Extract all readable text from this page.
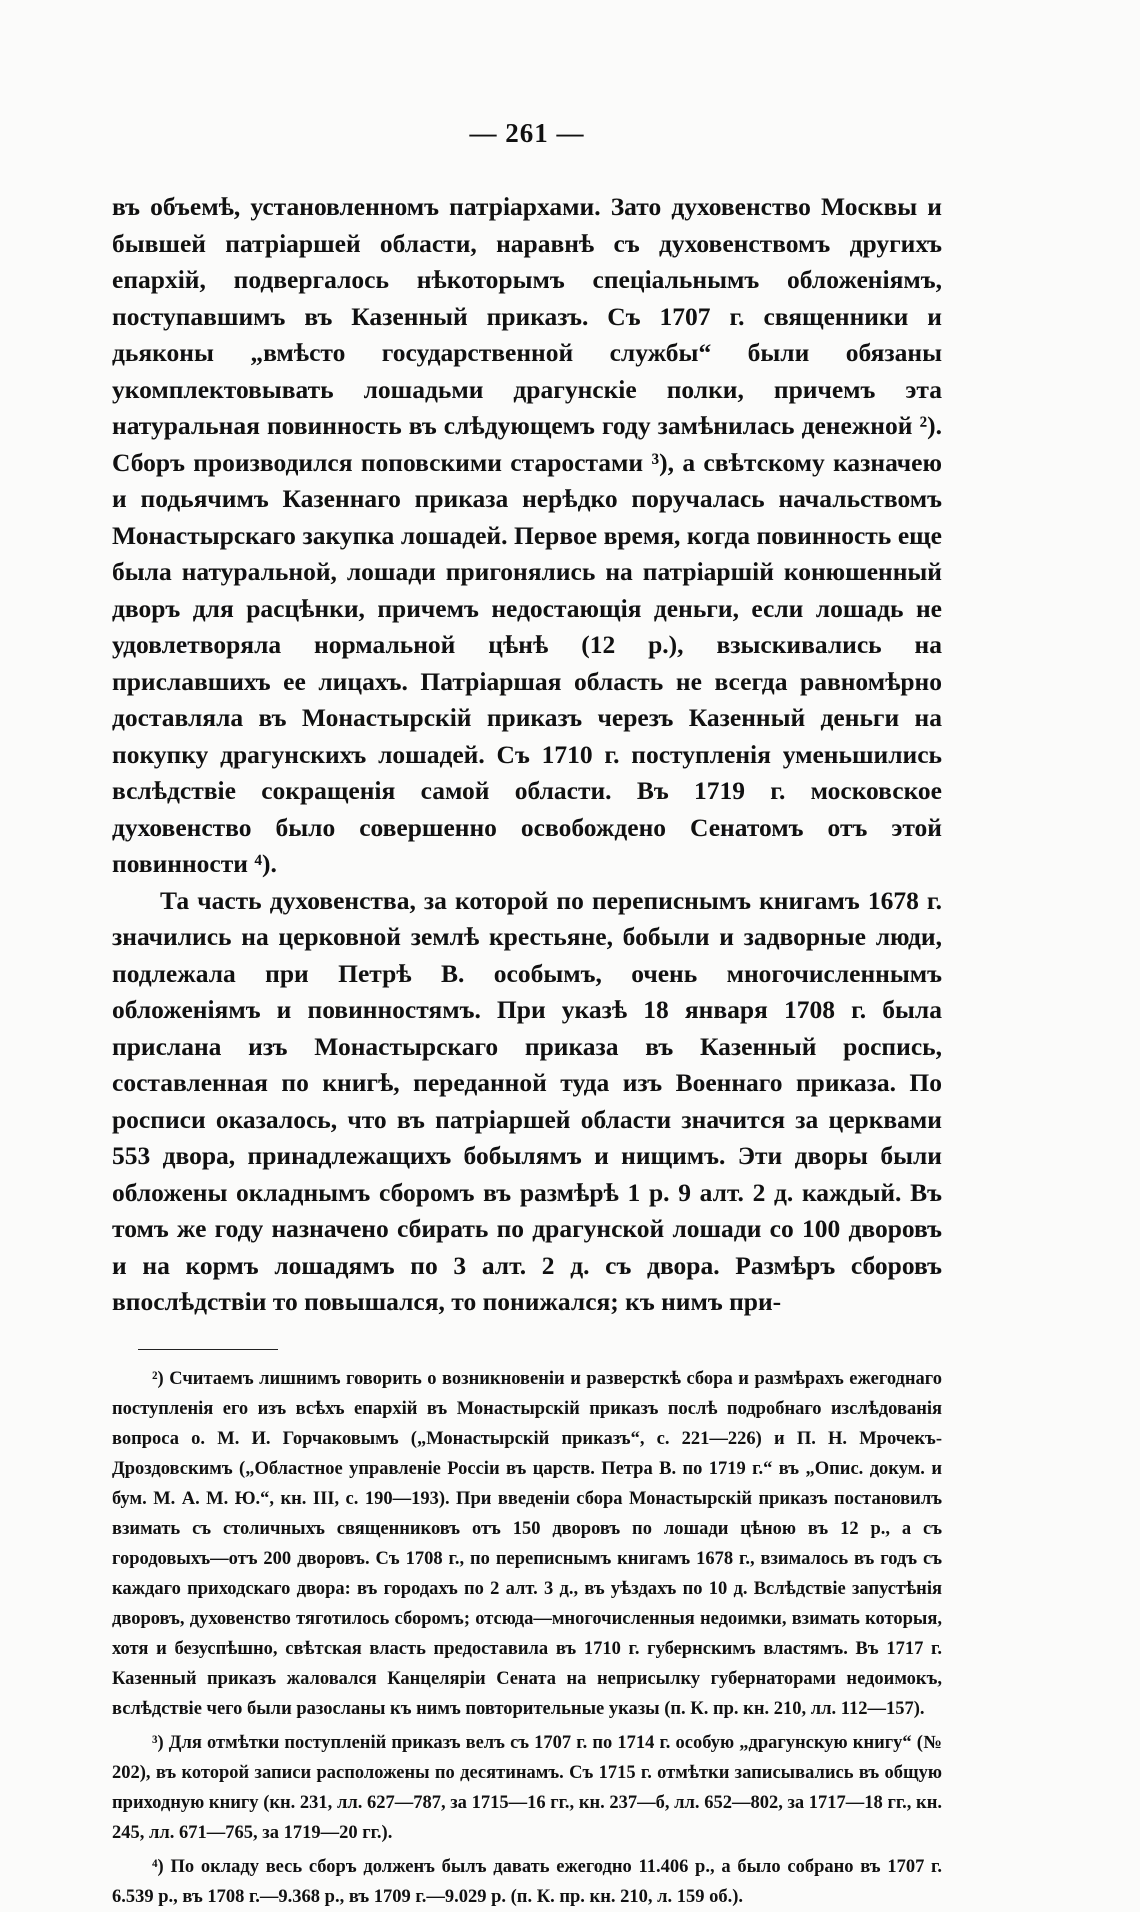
— 261 —

въ объемѣ, установленномъ патріархами. Зато духовенство Москвы и бывшей патріаршей области, наравнѣ съ духовенствомъ другихъ епархій, подвергалось нѣкоторымъ спеціальнымъ обложеніямъ, поступавшимъ въ Казенный приказъ. Съ 1707 г. священники и дьяконы „вмѣсто государственной службы“ были обязаны укомплектовывать лошадьми драгунскіе полки, причемъ эта натуральная повинность въ слѣдующемъ году замѣнилась денежной ²). Сборъ производился поповскими старостами ³), а свѣтскому казначею и подьячимъ Казеннаго приказа нерѣдко поручалась начальствомъ Монастырскаго закупка лошадей. Первое время, когда повинность еще была натуральной, лошади пригонялись на патріаршій конюшенный дворъ для расцѣнки, причемъ недостающія деньги, если лошадь не удовлетворяла нормальной цѣнѣ (12 р.), взыскивались на приславшихъ ее лицахъ. Патріаршая область не всегда равномѣрно доставляла въ Монастырскій приказъ черезъ Казенный деньги на покупку драгунскихъ лошадей. Съ 1710 г. поступленія уменьшились вслѣдствіе сокращенія самой области. Въ 1719 г. московское духовенство было совершенно освобождено Сенатомъ отъ этой повинности ⁴).

Та часть духовенства, за которой по переписнымъ книгамъ 1678 г. значились на церковной землѣ крестьяне, бобыли и задворные люди, подлежала при Петрѣ В. особымъ, очень многочисленнымъ обложеніямъ и повинностямъ. При указѣ 18 января 1708 г. была прислана изъ Монастырскаго приказа въ Казенный роспись, составленная по книгѣ, переданной туда изъ Военнаго приказа. По росписи оказалось, что въ патріаршей области значится за церквами 553 двора, принадлежащихъ бобылямъ и нищимъ. Эти дворы были обложены окладнымъ сборомъ въ размѣрѣ 1 р. 9 алт. 2 д. каждый. Въ томъ же году назначено сбирать по драгунской лошади со 100 дворовъ и на кормъ лошадямъ по 3 алт. 2 д. съ двора. Размѣръ сборовъ впослѣдствіи то повышался, то понижался; къ нимъ при-

²) Считаемъ лишнимъ говорить о возникновеніи и разверсткѣ сбора и размѣрахъ ежегоднаго поступленія его изъ всѣхъ епархій въ Монастырскій приказъ послѣ подробнаго изслѣдованія вопроса о. М. И. Горчаковымъ („Монастырскій приказъ“, с. 221—226) и П. Н. Мрочекъ-Дроздовскимъ („Областное управленіе Россіи въ царств. Петра В. по 1719 г.“ въ „Опис. докум. и бум. М. А. М. Ю.“, кн. III, с. 190—193). При введеніи сбора Монастырскій приказъ постановилъ взимать съ столичныхъ священниковъ отъ 150 дворовъ по лошади цѣною въ 12 р., а съ городовыхъ—отъ 200 дворовъ. Съ 1708 г., по переписнымъ книгамъ 1678 г., взималось въ годъ съ каждаго приходскаго двора: въ городахъ по 2 алт. 3 д., въ уѣздахъ по 10 д. Вслѣдствіе запустѣнія дворовъ, духовенство тяготилось сборомъ; отсюда—многочисленныя недоимки, взимать которыя, хотя и безуспѣшно, свѣтская власть предоставила въ 1710 г. губернскимъ властямъ. Въ 1717 г. Казенный приказъ жаловался Канцеляріи Сената на неприсылку губернаторами недоимокъ, вслѣдствіе чего были разосланы къ нимъ повторительные указы (п. К. пр. кн. 210, лл. 112—157).

³) Для отмѣтки поступленій приказъ велъ съ 1707 г. по 1714 г. особую „драгунскую книгу“ (№ 202), въ которой записи расположены по десятинамъ. Съ 1715 г. отмѣтки записывались въ общую приходную книгу (кн. 231, лл. 627—787, за 1715—16 гг., кн. 237—б, лл. 652—802, за 1717—18 гг., кн. 245, лл. 671—765, за 1719—20 гг.).

⁴) По окладу весь сборъ долженъ былъ давать ежегодно 11.406 р., а было собрано въ 1707 г. 6.539 р., въ 1708 г.—9.368 р., въ 1709 г.—9.029 р. (п. К. пр. кн. 210, л. 159 об.).
